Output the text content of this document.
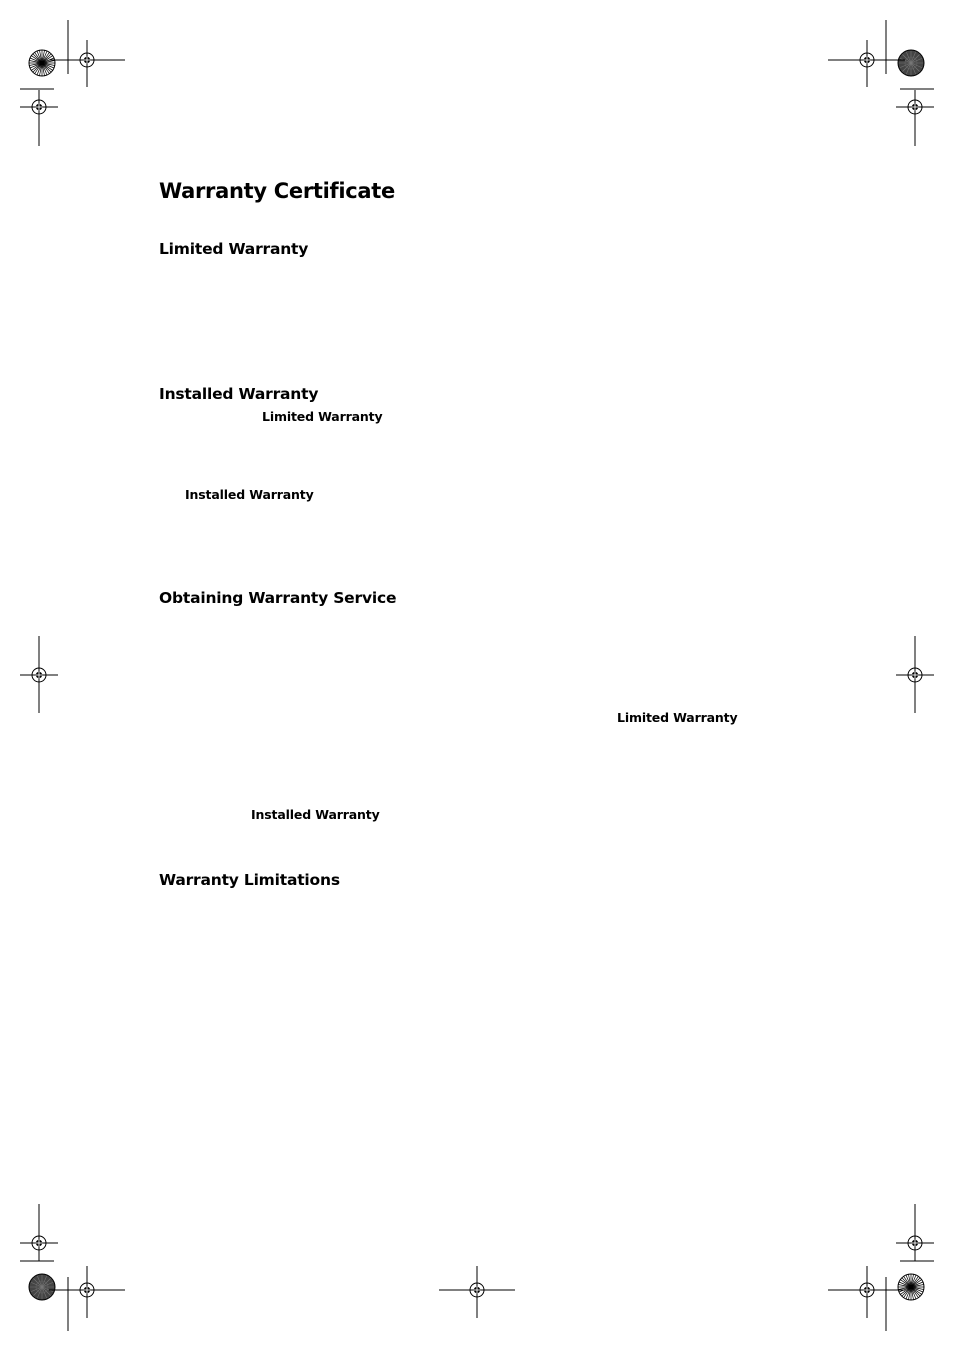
Warranty Certificate
Limited Warranty
Installed Warranty
Limited Warranty
Installed Warranty
Obtaining Warranty Service
Limited Warranty
Installed Warranty
Warranty Limitations
